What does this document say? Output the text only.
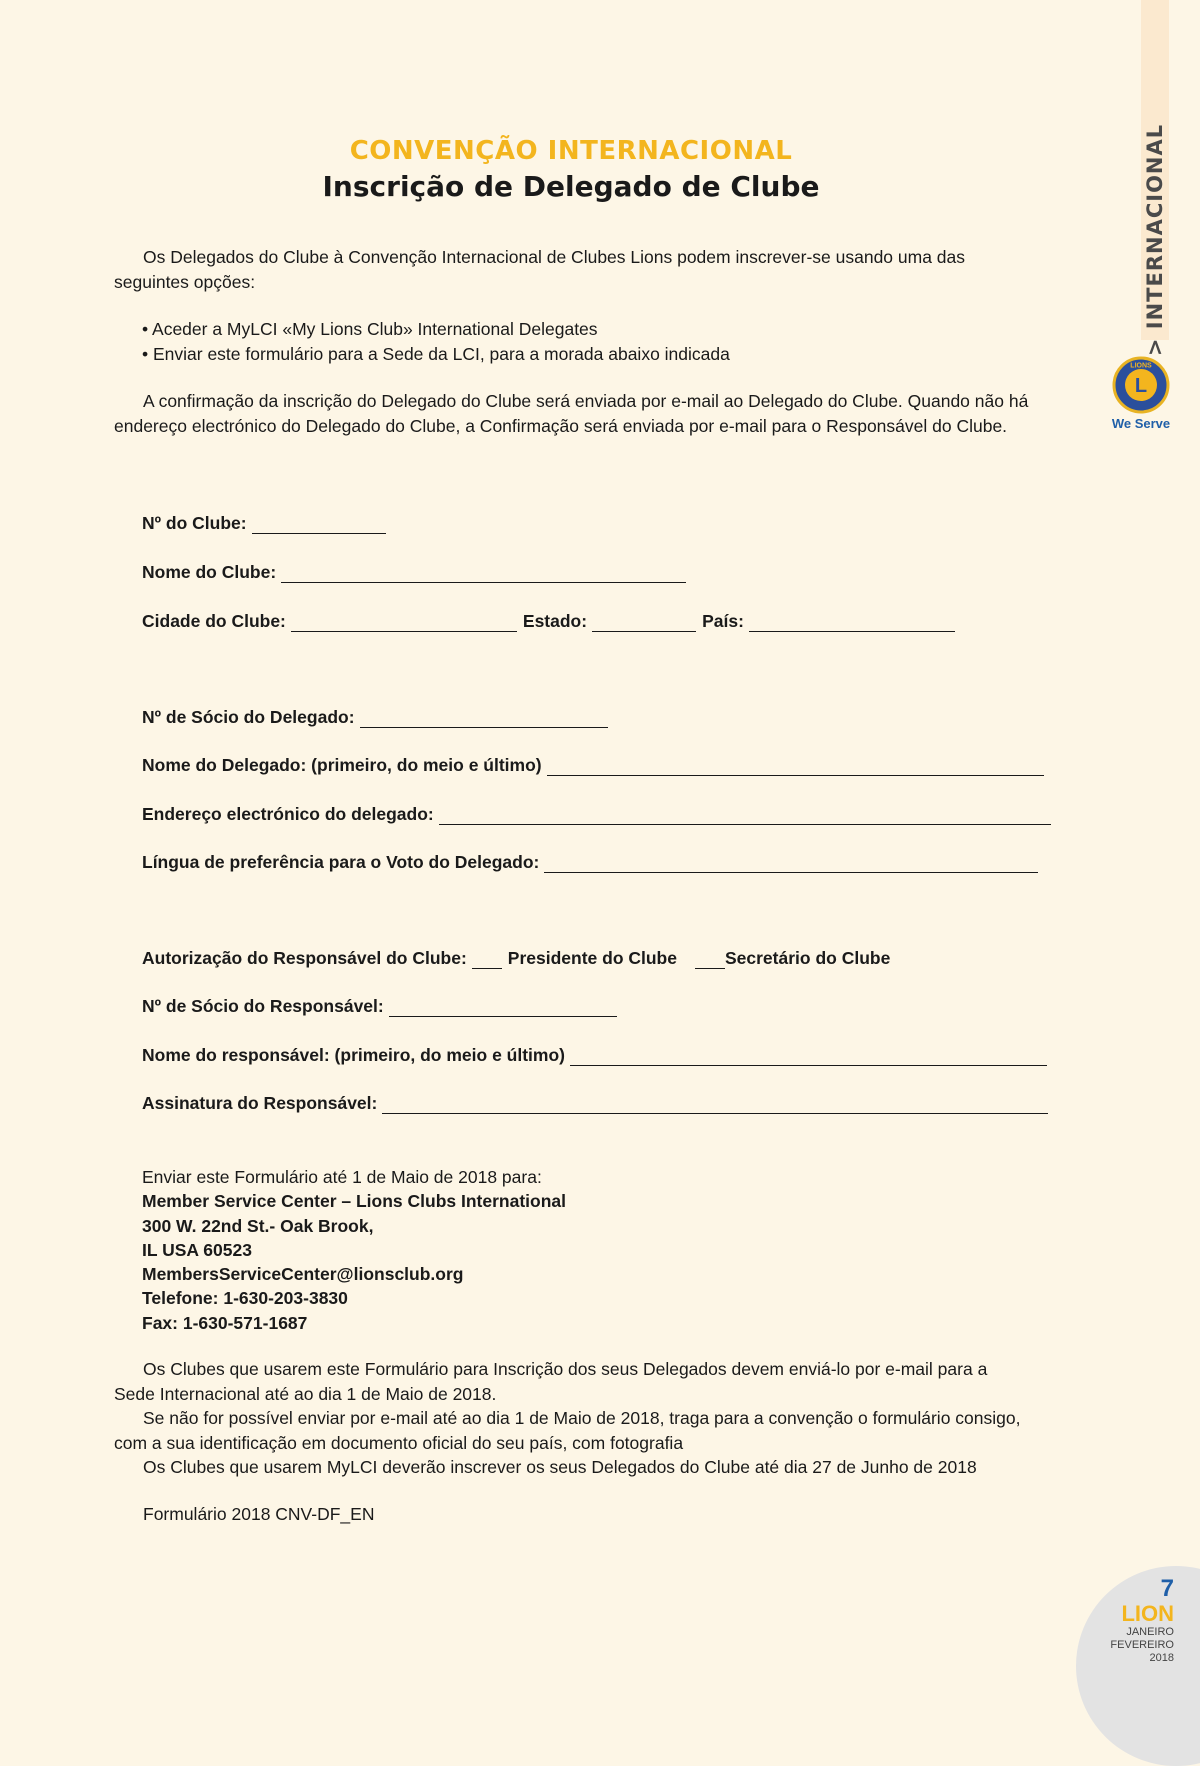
> INTERNACIONAL
L
LIONS
We Serve
CONVENÇÃO INTERNACIONAL
Inscrição de Delegado de Clube
Os Delegados do Clube à Convenção Internacional de Clubes Lions podem inscrever-se usando uma das seguintes opções:
• Aceder a MyLCI «My Lions Club» International Delegates
• Enviar este formulário para a Sede da LCI, para a morada abaixo indicada
A confirmação da inscrição do Delegado do Clube será enviada por e-mail ao Delegado do Clube. Quando não há endereço electrónico do Delegado do Clube, a Confirmação será enviada por e-mail para o Responsável do Clube.
Nº do Clube:
Nome do Clube:
Cidade do Clube:	Estado:	País:
Nº de Sócio do Delegado:
Nome do Delegado: (primeiro, do meio e último)
Endereço electrónico do delegado:
Língua de preferência para o Voto do Delegado:
Autorização do Responsável do Clube: Presidente do Clube	Secretário do Clube
Nº de Sócio do Responsável:
Nome do responsável: (primeiro, do meio e último)
Assinatura do Responsável:
Enviar este Formulário até 1 de Maio de 2018 para:
Member Service Center – Lions Clubs International
300 W. 22nd St.- Oak Brook,
IL USA 60523
MembersServiceCenter@lionsclub.org
Telefone: 1-630-203-3830
Fax: 1-630-571-1687
Os Clubes que usarem este Formulário para Inscrição dos seus Delegados devem enviá-lo por e-mail para a Sede Internacional até ao dia 1 de Maio de 2018.
Se não for possível enviar por e-mail até ao dia 1 de Maio de 2018, traga para a convenção o formulário consigo, com a sua identificação em documento oficial do seu país, com fotografia
Os Clubes que usarem MyLCI deverão inscrever os seus Delegados do Clube até dia 27 de Junho de 2018
Formulário 2018 CNV-DF_EN
7
LION
JANEIRO
FEVEREIRO
2018
